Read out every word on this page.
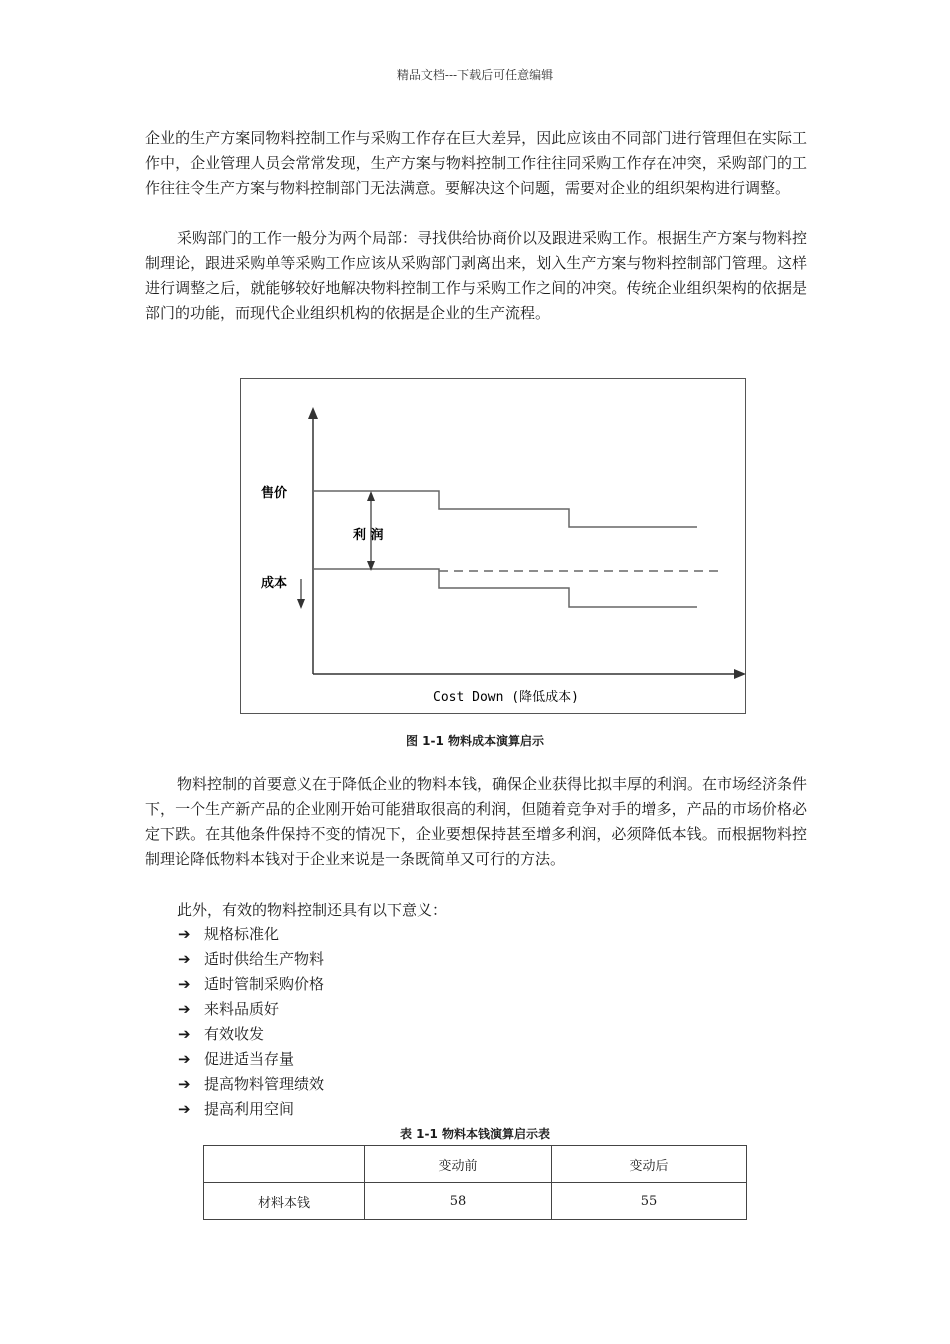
精品文档---下载后可任意编辑

企业的生产方案同物料控制工作与采购工作存在巨大差异，因此应该由不同部门进行管理但在实际工作中，企业管理人员会常常发现，生产方案与物料控制工作往往同采购工作存在冲突，采购部门的工作往往令生产方案与物料控制部门无法满意。要解决这个问题，需要对企业的组织架构进行调整。

采购部门的工作一般分为两个局部：寻找供给协商价以及跟进采购工作。根据生产方案与物料控制理论，跟进采购单等采购工作应该从采购部门剥离出来，划入生产方案与物料控制部门管理。这样进行调整之后，就能够较好地解决物料控制工作与采购工作之间的冲突。传统企业组织架构的依据是部门的功能，而现代企业组织机构的依据是企业的生产流程。

售价
利 润
成本
Cost Down (降低成本)
图 1-1 物料成本演算启示

物料控制的首要意义在于降低企业的物料本钱，确保企业获得比拟丰厚的利润。在市场经济条件下，一个生产新产品的企业刚开始可能猎取很高的利润，但随着竞争对手的增多，产品的市场价格必定下跌。在其他条件保持不变的情况下，企业要想保持甚至增多利润，必须降低本钱。而根据物料控制理论降低物料本钱对于企业来说是一条既简单又可行的方法。

此外，有效的物料控制还具有以下意义：

➔ 规格标准化
➔ 适时供给生产物料
➔ 适时管制采购价格
➔ 来料品质好
➔ 有效收发
➔ 促进适当存量
➔ 提高物料管理绩效
➔ 提高利用空间
表 1-1 物料本钱演算启示表
	变动前	变动后
材料本钱	58	55
